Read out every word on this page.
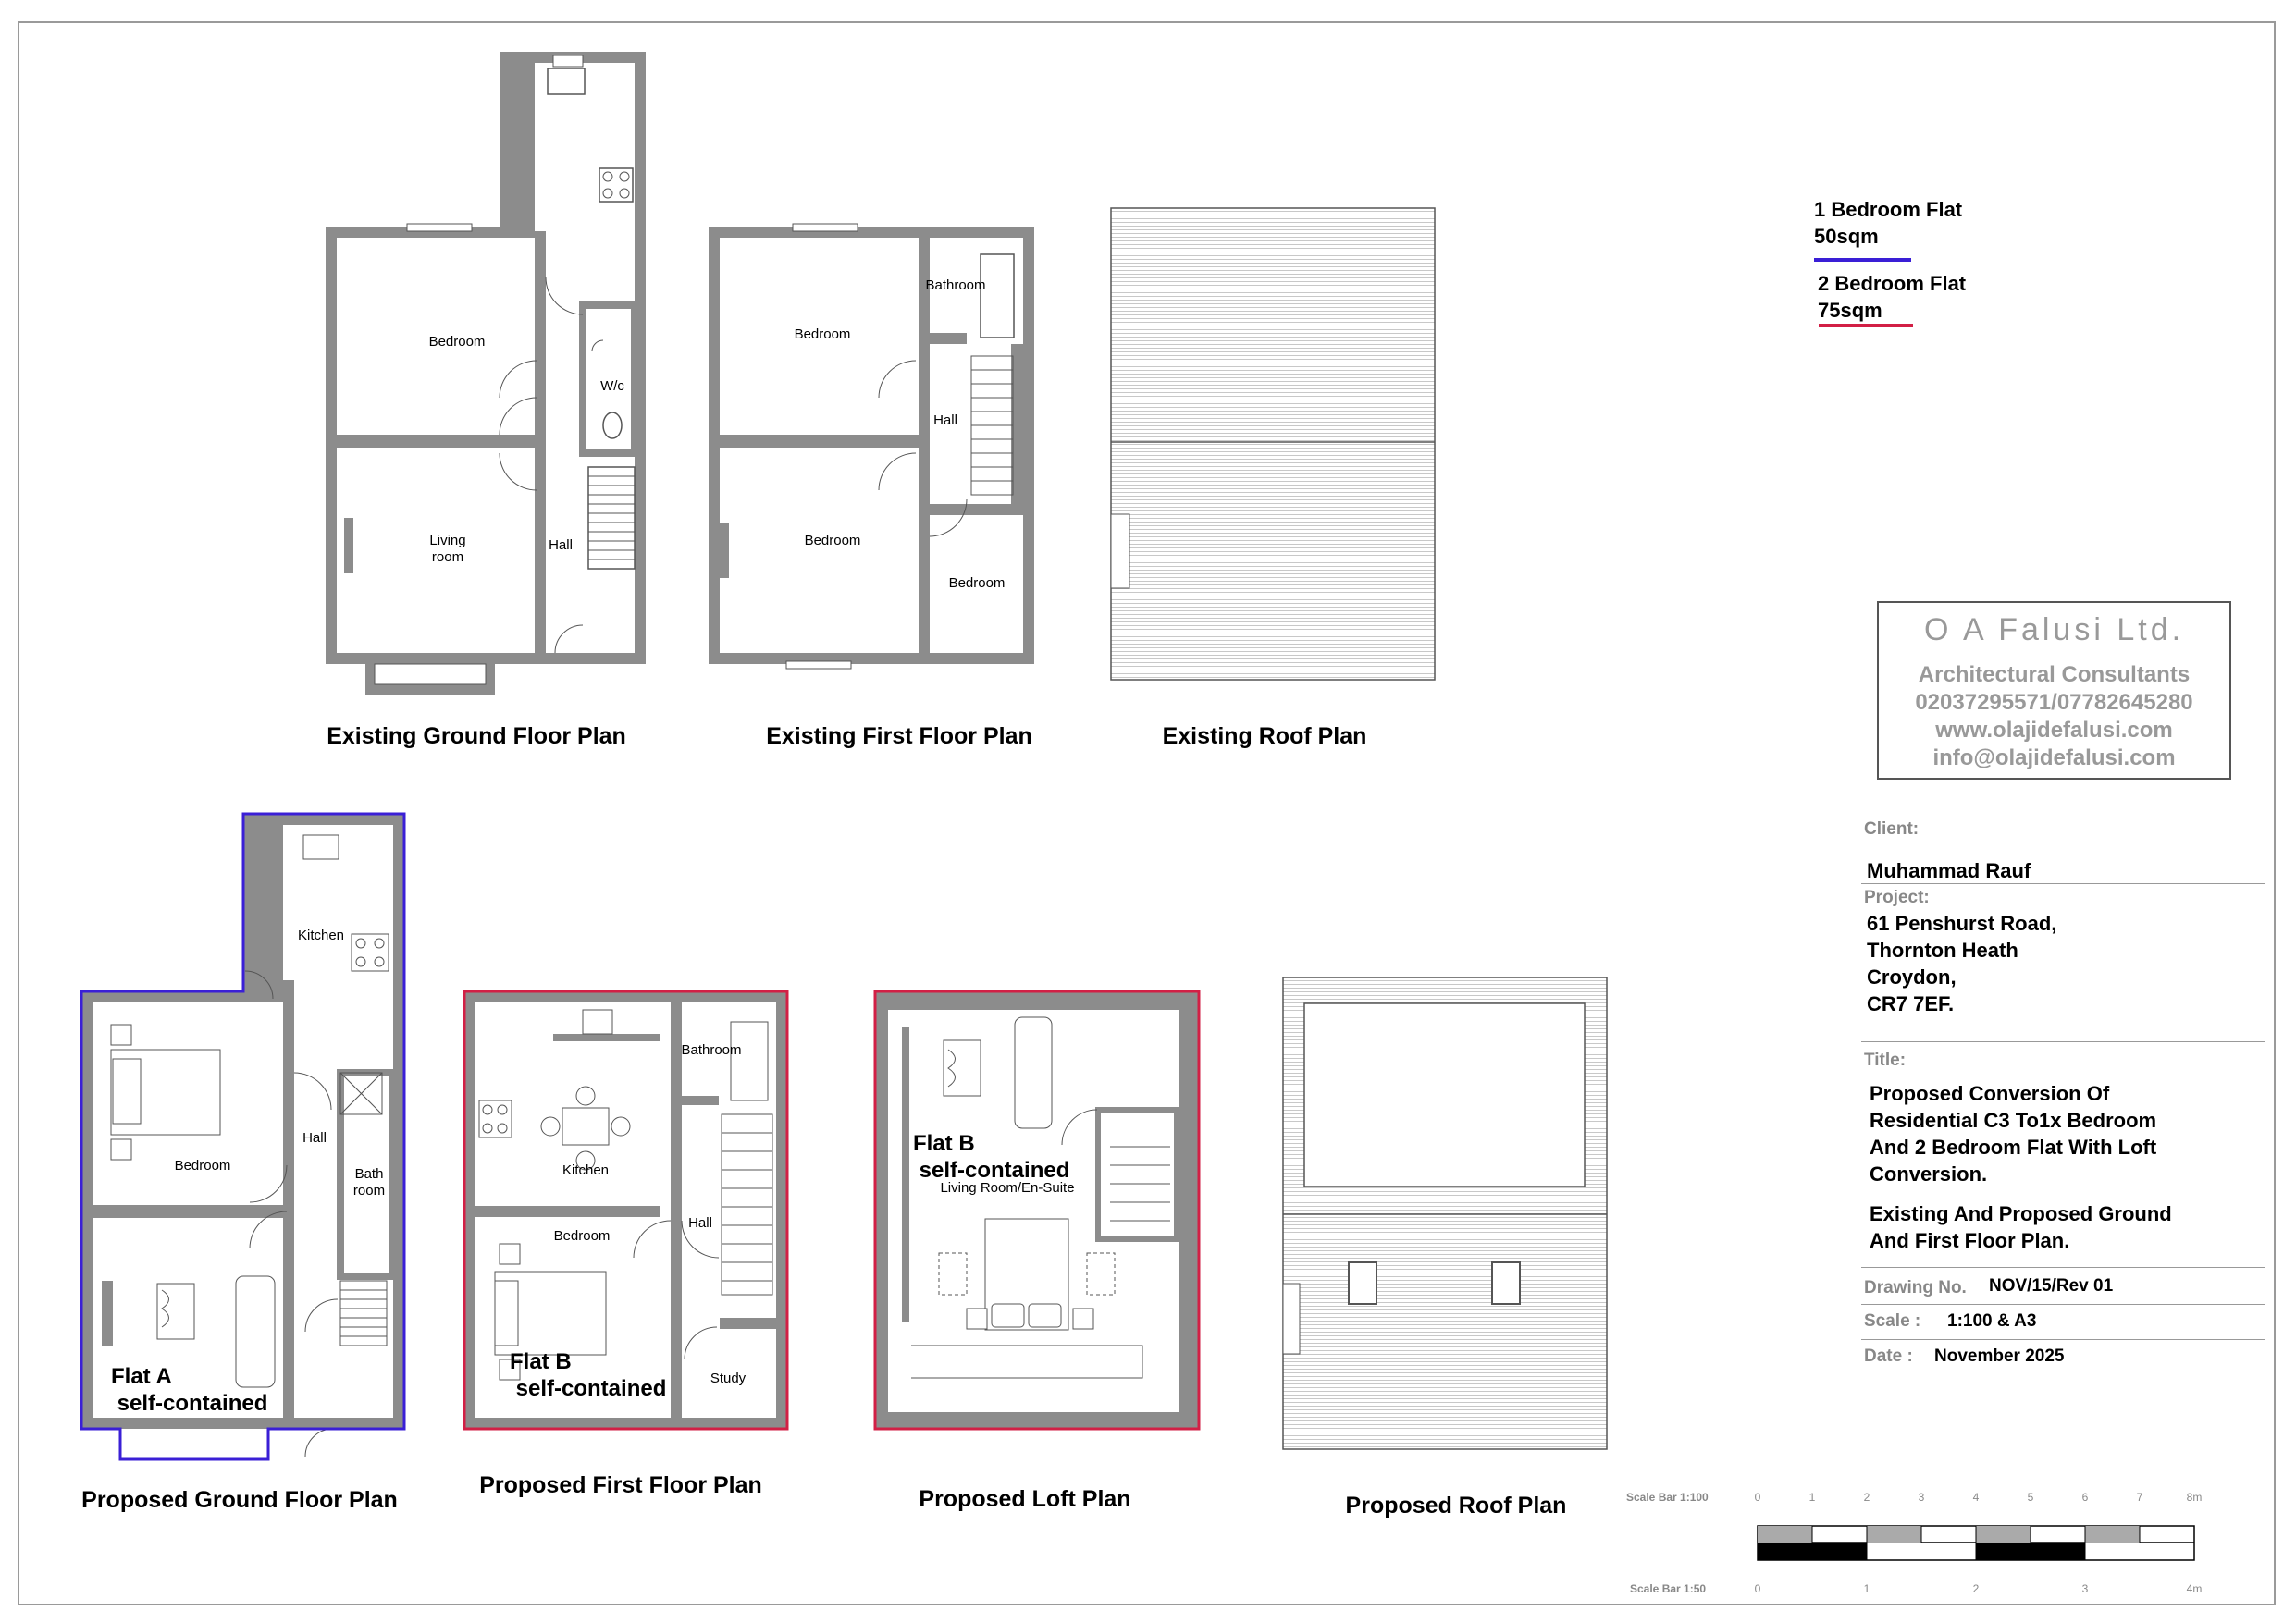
Bedroom
Living
room
Hall
W/c
Existing Ground Floor Plan
Bedroom
Bathroom
Hall
Bedroom
Bedroom
Existing First Floor Plan	Existing Roof Plan
Kitchen
Hall
Bedroom
Bath
room
Flat A
self-contained
Proposed Ground Floor Plan
Bathroom
Kitchen
Bedroom
Hall
Study
Flat B
self-contained
Proposed First Floor Plan
Flat B
self-contained
Living Room/En-Suite
Proposed Loft Plan	Proposed Roof Plan
1 Bedroom Flat
50sqm
2 Bedroom Flat
75sqm
O A Falusi Ltd.
Architectural Consultants
02037295571/07782645280
www.olajidefalusi.com
info@olajidefalusi.com
Client:
Muhammad Rauf
Project:
61 Penshurst Road,
Thornton Heath
Croydon,
CR7 7EF.
Title:
Proposed Conversion Of
Residential C3 To1x Bedroom
And 2 Bedroom Flat With Loft
Conversion.
Existing And Proposed Ground
And First Floor Plan.
Drawing No. NOV/15/Rev 01
Scale : 1:100 & A3
Date : November 2025
Scale Bar 1:100
Scale Bar 1:50
0	1	2	3	4	5	6	7	8m
0	1	2	3	4m
